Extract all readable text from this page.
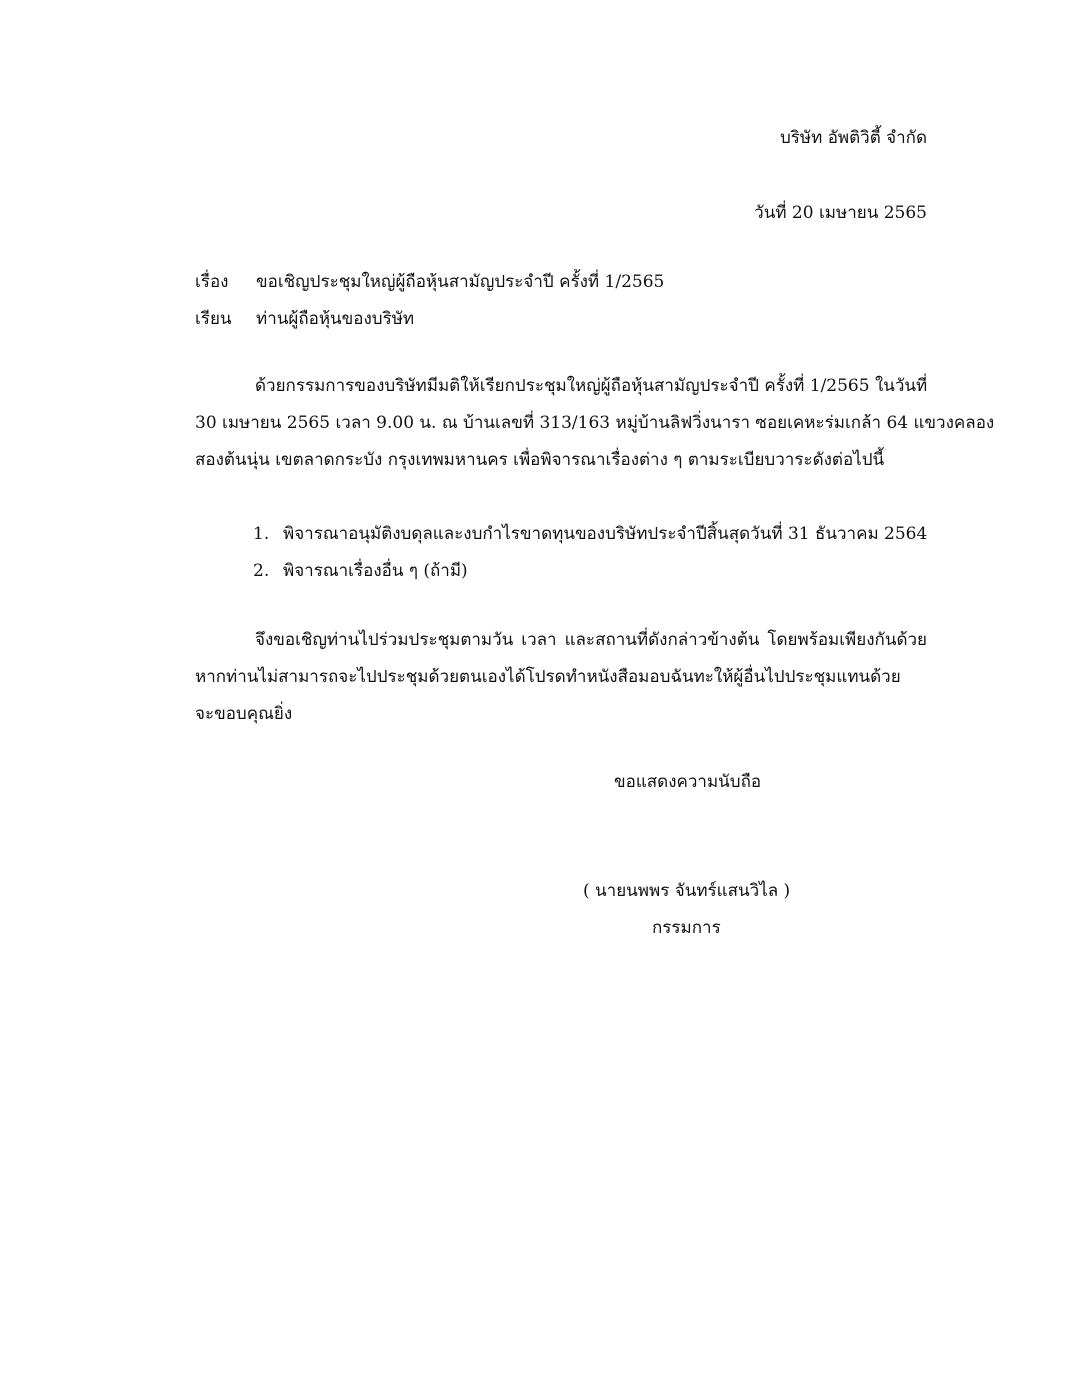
บริษัท อัพติวิตี้ จำกัด
วันที่ 20 เมษายน 2565
เรื่อง ขอเชิญประชุมใหญ่ผู้ถือหุ้นสามัญประจำปี ครั้งที่ 1/2565
เรียน ท่านผู้ถือหุ้นของบริษัท
ด้วยกรรมการของบริษัทมีมติให้เรียกประชุมใหญ่ผู้ถือหุ้นสามัญประจำปี ครั้งที่ 1/2565 ในวันที่
30 เมษายน 2565 เวลา 9.00 น. ณ บ้านเลขที่ 313/163 หมู่บ้านลิฟวิ่งนารา ซอยเคหะร่มเกล้า 64 แขวงคลอง
สองต้นนุ่น เขตลาดกระบัง กรุงเทพมหานคร เพื่อพิจารณาเรื่องต่าง ๆ ตามระเบียบวาระดังต่อไปนี้
1. พิจารณาอนุมัติงบดุลและงบกำไรขาดทุนของบริษัทประจำปีสิ้นสุดวันที่ 31 ธันวาคม 2564
2. พิจารณาเรื่องอื่น ๆ (ถ้ามี)
จึงขอเชิญท่านไปร่วมประชุมตามวัน เวลา และสถานที่ดังกล่าวข้างต้น โดยพร้อมเพียงกันด้วย
หากท่านไม่สามารถจะไปประชุมด้วยตนเองได้โปรดทำหนังสือมอบฉันทะให้ผู้อื่นไปประชุมแทนด้วย
จะขอบคุณยิ่ง
ขอแสดงความนับถือ
( นายนพพร จันทร์แสนวิไล )
กรรมการ
